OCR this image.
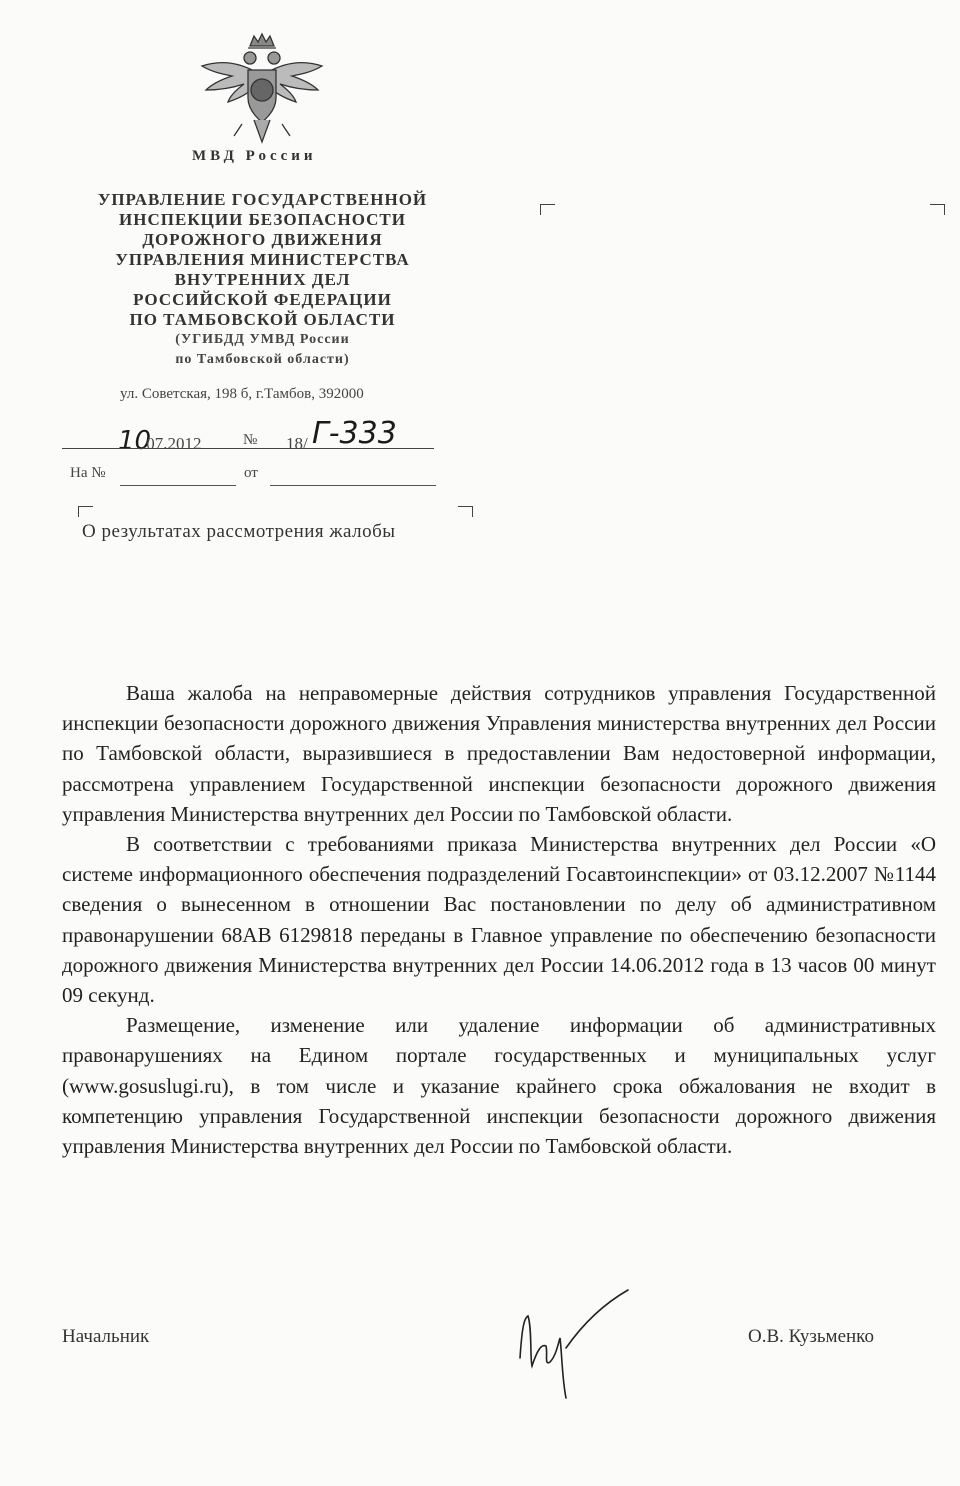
МВД России
УПРАВЛЕНИЕ ГОСУДАРСТВЕННОЙ
ИНСПЕКЦИИ БЕЗОПАСНОСТИ
ДОРОЖНОГО ДВИЖЕНИЯ
УПРАВЛЕНИЯ МИНИСТЕРСТВА
ВНУТРЕННИХ ДЕЛ
РОССИЙСКОЙ ФЕДЕРАЦИИ
ПО ТАМБОВСКОЙ ОБЛАСТИ
(УГИБДД УМВД России
по Тамбовской области)
ул. Советская, 198 б, г.Тамбов, 392000
10
.07.2012	№ 18/ Г-333
На №	от
О результатах рассмотрения жалобы

Ваша жалоба на неправомерные действия сотрудников управления Государственной инспекции безопасности дорожного движения Управления министерства внутренних дел России по Тамбовской области, выразившиеся в предоставлении Вам недостоверной информации, рассмотрена управлением Государственной инспекции безопасности дорожного движения управления Министерства внутренних дел России по Тамбовской области.

В соответствии с требованиями приказа Министерства внутренних дел России «О системе информационного обеспечения подразделений Госавтоинспекции» от 03.12.2007 №1144 сведения о вынесенном в отношении Вас постановлении по делу об административном правонарушении 68АВ 6129818 переданы в Главное управление по обеспечению безопасности дорожного движения Министерства внутренних дел России 14.06.2012 года в 13 часов 00 минут 09 секунд.

Размещение, изменение или удаление информации об административных правонарушениях на Едином портале государственных и муниципальных услуг (www.gosuslugi.ru), в том числе и указание крайнего срока обжалования не входит в компетенцию управления Государственной инспекции безопасности дорожного движения управления Министерства внутренних дел России по Тамбовской области.

Начальник	О.В. Кузьменко
